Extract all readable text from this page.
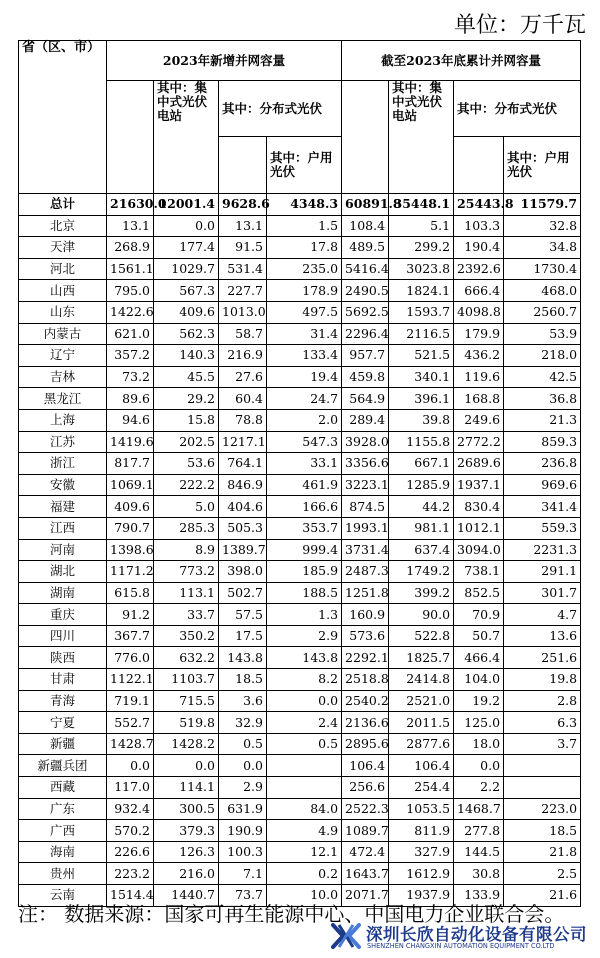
单位：万千瓦
省（区、市）	2023年新增并网容量				截至2023年底累计并网容量			
		其中：集中式光伏电站	其中：分布式光伏			其中：集中式光伏电站	其中：分布式光伏	
				其中：户用光伏				其中：户用光伏
总计	21630.0	12001.4	9628.6	4348.3	60891.8	35448.1	25443.8	11579.7
北京	13.1	0.0	13.1	1.5	108.4	5.1	103.3	32.8
天津	268.9	177.4	91.5	17.8	489.5	299.2	190.4	34.8
河北	1561.1	1029.7	531.4	235.0	5416.4	3023.8	2392.6	1730.4
山西	795.0	567.3	227.7	178.9	2490.5	1824.1	666.4	468.0
山东	1422.6	409.6	1013.0	497.5	5692.5	1593.7	4098.8	2560.7
内蒙古	621.0	562.3	58.7	31.4	2296.4	2116.5	179.9	53.9
辽宁	357.2	140.3	216.9	133.4	957.7	521.5	436.2	218.0
吉林	73.2	45.5	27.6	19.4	459.8	340.1	119.6	42.5
黑龙江	89.6	29.2	60.4	24.7	564.9	396.1	168.8	36.8
上海	94.6	15.8	78.8	2.0	289.4	39.8	249.6	21.3
江苏	1419.6	202.5	1217.1	547.3	3928.0	1155.8	2772.2	859.3
浙江	817.7	53.6	764.1	33.1	3356.6	667.1	2689.6	236.8
安徽	1069.1	222.2	846.9	461.9	3223.1	1285.9	1937.1	969.6
福建	409.6	5.0	404.6	166.6	874.5	44.2	830.4	341.4
江西	790.7	285.3	505.3	353.7	1993.1	981.1	1012.1	559.3
河南	1398.6	8.9	1389.7	999.4	3731.4	637.4	3094.0	2231.3
湖北	1171.2	773.2	398.0	185.9	2487.3	1749.2	738.1	291.1
湖南	615.8	113.1	502.7	188.5	1251.8	399.2	852.5	301.7
重庆	91.2	33.7	57.5	1.3	160.9	90.0	70.9	4.7
四川	367.7	350.2	17.5	2.9	573.6	522.8	50.7	13.6
陕西	776.0	632.2	143.8	143.8	2292.1	1825.7	466.4	251.6
甘肃	1122.1	1103.7	18.5	8.2	2518.8	2414.8	104.0	19.8
青海	719.1	715.5	3.6	0.0	2540.2	2521.0	19.2	2.8
宁夏	552.7	519.8	32.9	2.4	2136.6	2011.5	125.0	6.3
新疆	1428.7	1428.2	0.5	0.5	2895.6	2877.6	18.0	3.7
新疆兵团	0.0	0.0	0.0		106.4	106.4	0.0	
西藏	117.0	114.1	2.9		256.6	254.4	2.2	
广东	932.4	300.5	631.9	84.0	2522.3	1053.5	1468.7	223.0
广西	570.2	379.3	190.9	4.9	1089.7	811.9	277.8	18.5
海南	226.6	126.3	100.3	12.1	472.4	327.9	144.5	21.8
贵州	223.2	216.0	7.1	0.2	1643.7	1612.9	30.8	2.5
云南	1514.4	1440.7	73.7	10.0	2071.7	1937.9	133.9	21.6
注： 数据来源：国家可再生能源中心、中国电力企业联合会。
深圳长欣自动化设备有限公司
SHENZHEN CHANGXIN AUTOMATION EQUIPMENT CO.LTD
